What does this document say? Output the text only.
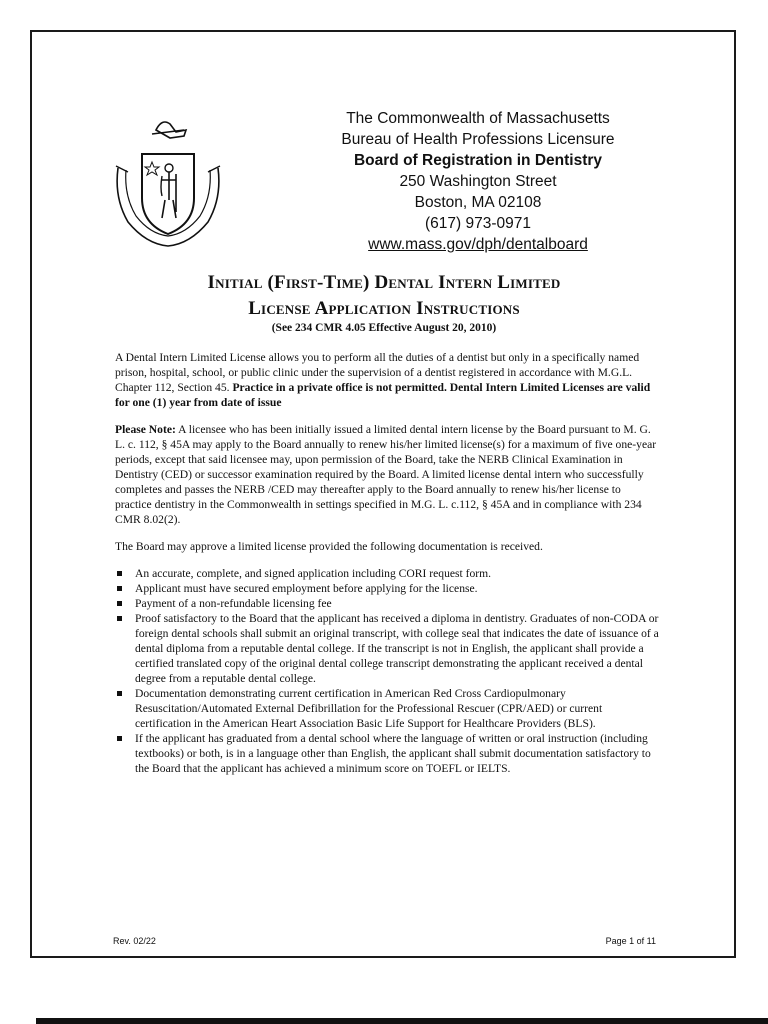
The Commonwealth of Massachusetts
Bureau of Health Professions Licensure
Board of Registration in Dentistry
250 Washington Street
Boston, MA 02108
(617) 973-0971
www.mass.gov/dph/dentalboard
Initial (First-Time) Dental Intern Limited
License Application Instructions
(See 234 CMR 4.05 Effective August 20, 2010)

A Dental Intern Limited License allows you to perform all the duties of a dentist but only in a specifically named prison, hospital, school, or public clinic under the supervision of a dentist registered in accordance with M.G.L. Chapter 112, Section 45. Practice in a private office is not permitted. Dental Intern Limited Licenses are valid for one (1) year from date of issue

Please Note: A licensee who has been initially issued a limited dental intern license by the Board pursuant to M. G. L. c. 112, § 45A may apply to the Board annually to renew his/her limited license(s) for a maximum of five one-year periods, except that said licensee may, upon permission of the Board, take the NERB Clinical Examination in Dentistry (CED) or successor examination required by the Board. A limited license dental intern who successfully completes and passes the NERB /CED may thereafter apply to the Board annually to renew his/her license to practice dentistry in the Commonwealth in settings specified in M.G. L. c.112, § 45A and in compliance with 234 CMR 8.02(2).

The Board may approve a limited license provided the following documentation is received.

An accurate, complete, and signed application including CORI request form.
Applicant must have secured employment before applying for the license.
Payment of a non-refundable licensing fee
Proof satisfactory to the Board that the applicant has received a diploma in dentistry. Graduates of non-CODA or foreign dental schools shall submit an original transcript, with college seal that indicates the date of issuance of a dental diploma from a reputable dental college. If the transcript is not in English, the applicant shall provide a certified translated copy of the original dental college transcript demonstrating the applicant received a dental degree from a reputable dental college.
Documentation demonstrating current certification in American Red Cross Cardiopulmonary Resuscitation/Automated External Defibrillation for the Professional Rescuer (CPR/AED) or current certification in the American Heart Association Basic Life Support for Healthcare Providers (BLS).
If the applicant has graduated from a dental school where the language of written or oral instruction (including textbooks) or both, is in a language other than English, the applicant shall submit documentation satisfactory to the Board that the applicant has achieved a minimum score on TOEFL or IELTS.
Rev. 02/22	Page 1 of 11
